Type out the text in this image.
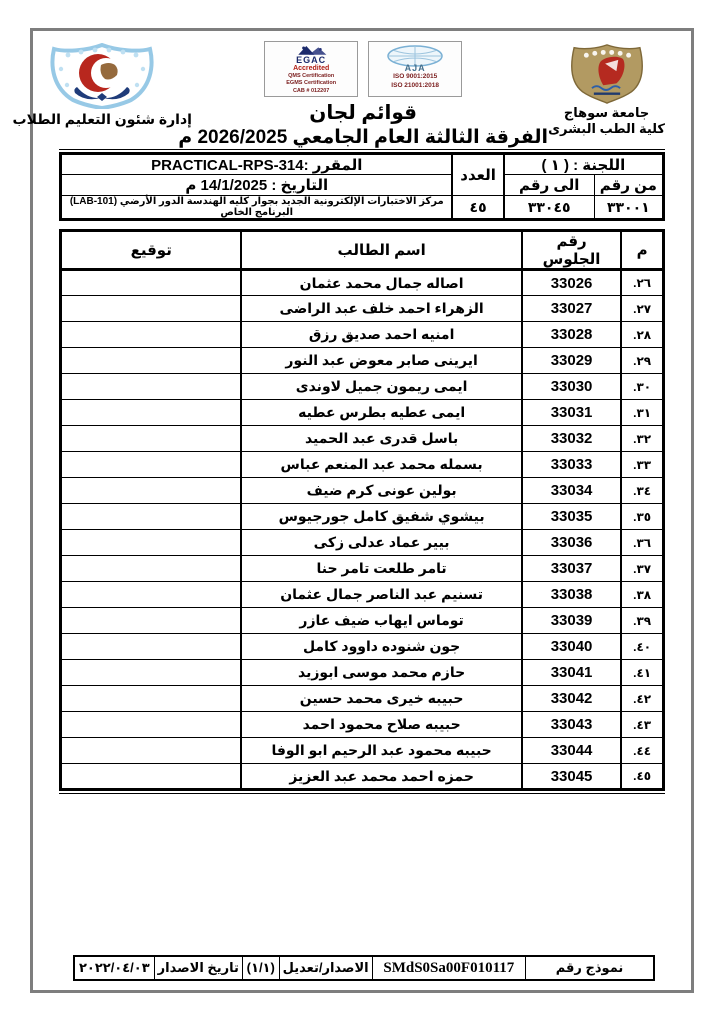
جامعة سوهاج
كلية الطب البشرى
EGAC
Accredited
QMS Certification
EGMS Certification
CAB # 012207
AJA
ISO 9001:2015
ISO 21001:2018
قوائم لجان
الفرقة الثالثة العام الجامعي 2026/2025 م
إدارة شئون التعليم الطلاب
اللجنة : ( ١ )		العدد	المقرر :PRACTICAL-RPS-314
من رقم	الى رقم		التاريخ : 14/1/2025 م
٣٣٠٠١	٣٣٠٤٥	٤٥	مركز الاختبارات الإلكترونية الجديد بجوار كليه الهندسة الدور الأرضي (LAB-101) البرنامج الخاص
م	رقم الجلوس	اسم الطالب	توقيع
٢٦.	33026	اصاله جمال محمد عثمان	
٢٧.	33027	الزهراء احمد خلف عبد الراضى	
٢٨.	33028	امنيه احمد صديق رزق	
٢٩.	33029	ايرينى صابر معوض عبد النور	
٣٠.	33030	ايمى ريمون جميل لاوندى	
٣١.	33031	ايمى عطيه بطرس عطيه	
٣٢.	33032	باسل قدرى عبد الحميد	
٣٣.	33033	بسمله محمد عبد المنعم عباس	
٣٤.	33034	بولين عونى كرم ضيف	
٣٥.	33035	بيشوي شفيق كامل جورجيوس	
٣٦.	33036	بيير عماد عدلى زكى	
٣٧.	33037	تامر طلعت تامر حنا	
٣٨.	33038	تسنيم عبد الناصر جمال عثمان	
٣٩.	33039	توماس ايهاب ضيف عازر	
٤٠.	33040	جون شنوده داوود كامل	
٤١.	33041	حازم محمد موسى ابوزيد	
٤٢.	33042	حبيبه خيرى محمد حسين	
٤٣.	33043	حبيبه صلاح محمود احمد	
٤٤.	33044	حبيبه محمود عبد الرحيم ابو الوفا	
٤٥.	33045	حمزه احمد محمد عبد العزيز	
نموذج رقم	SMdS0Sa00F010117	الاصدار/تعديل	(١/١)	تاريخ الاصدار	٢٠٢٢/٠٤/٠٣
